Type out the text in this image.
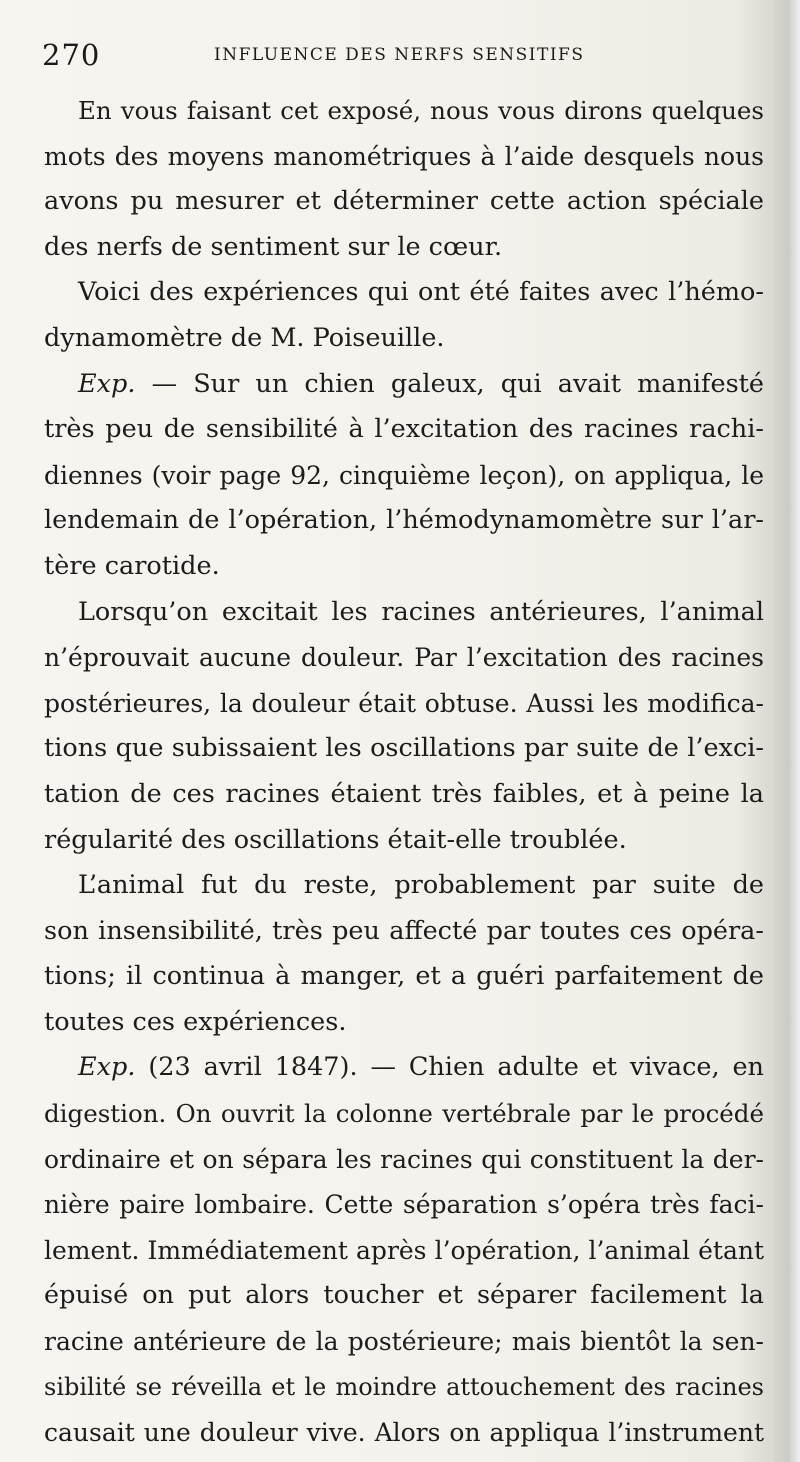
270	INFLUENCE DES NERFS SENSITIFS
En vous faisant cet exposé, nous vous dirons quelques
mots des moyens manométriques à l’aide desquels nous
avons pu mesurer et déterminer cette action spéciale
des nerfs de sentiment sur le cœur.
Voici des expériences qui ont été faites avec l’hémo-
dynamomètre de M. Poiseuille.
Exp. — Sur un chien galeux, qui avait manifesté
très peu de sensibilité à l’excitation des racines rachi-
diennes (voir page 92, cinquième leçon), on appliqua, le
lendemain de l’opération, l’hémodynamomètre sur l’ar-
tère carotide.
Lorsqu’on excitait les racines antérieures, l’animal
n’éprouvait aucune douleur. Par l’excitation des racines
postérieures, la douleur était obtuse. Aussi les modifica-
tions que subissaient les oscillations par suite de l’exci-
tation de ces racines étaient très faibles, et à peine la
régularité des oscillations était-elle troublée.
L’animal fut du reste, probablement par suite de
son insensibilité, très peu affecté par toutes ces opéra-
tions; il continua à manger, et a guéri parfaitement de
toutes ces expériences.
Exp. (23 avril 1847). — Chien adulte et vivace, en
digestion. On ouvrit la colonne vertébrale par le procédé
ordinaire et on sépara les racines qui constituent la der-
nière paire lombaire. Cette séparation s’opéra très faci-
lement. Immédiatement après l’opération, l’animal étant
épuisé on put alors toucher et séparer facilement la
racine antérieure de la postérieure; mais bientôt la sen-
sibilité se réveilla et le moindre attouchement des racines
causait une douleur vive. Alors on appliqua l’instrument
